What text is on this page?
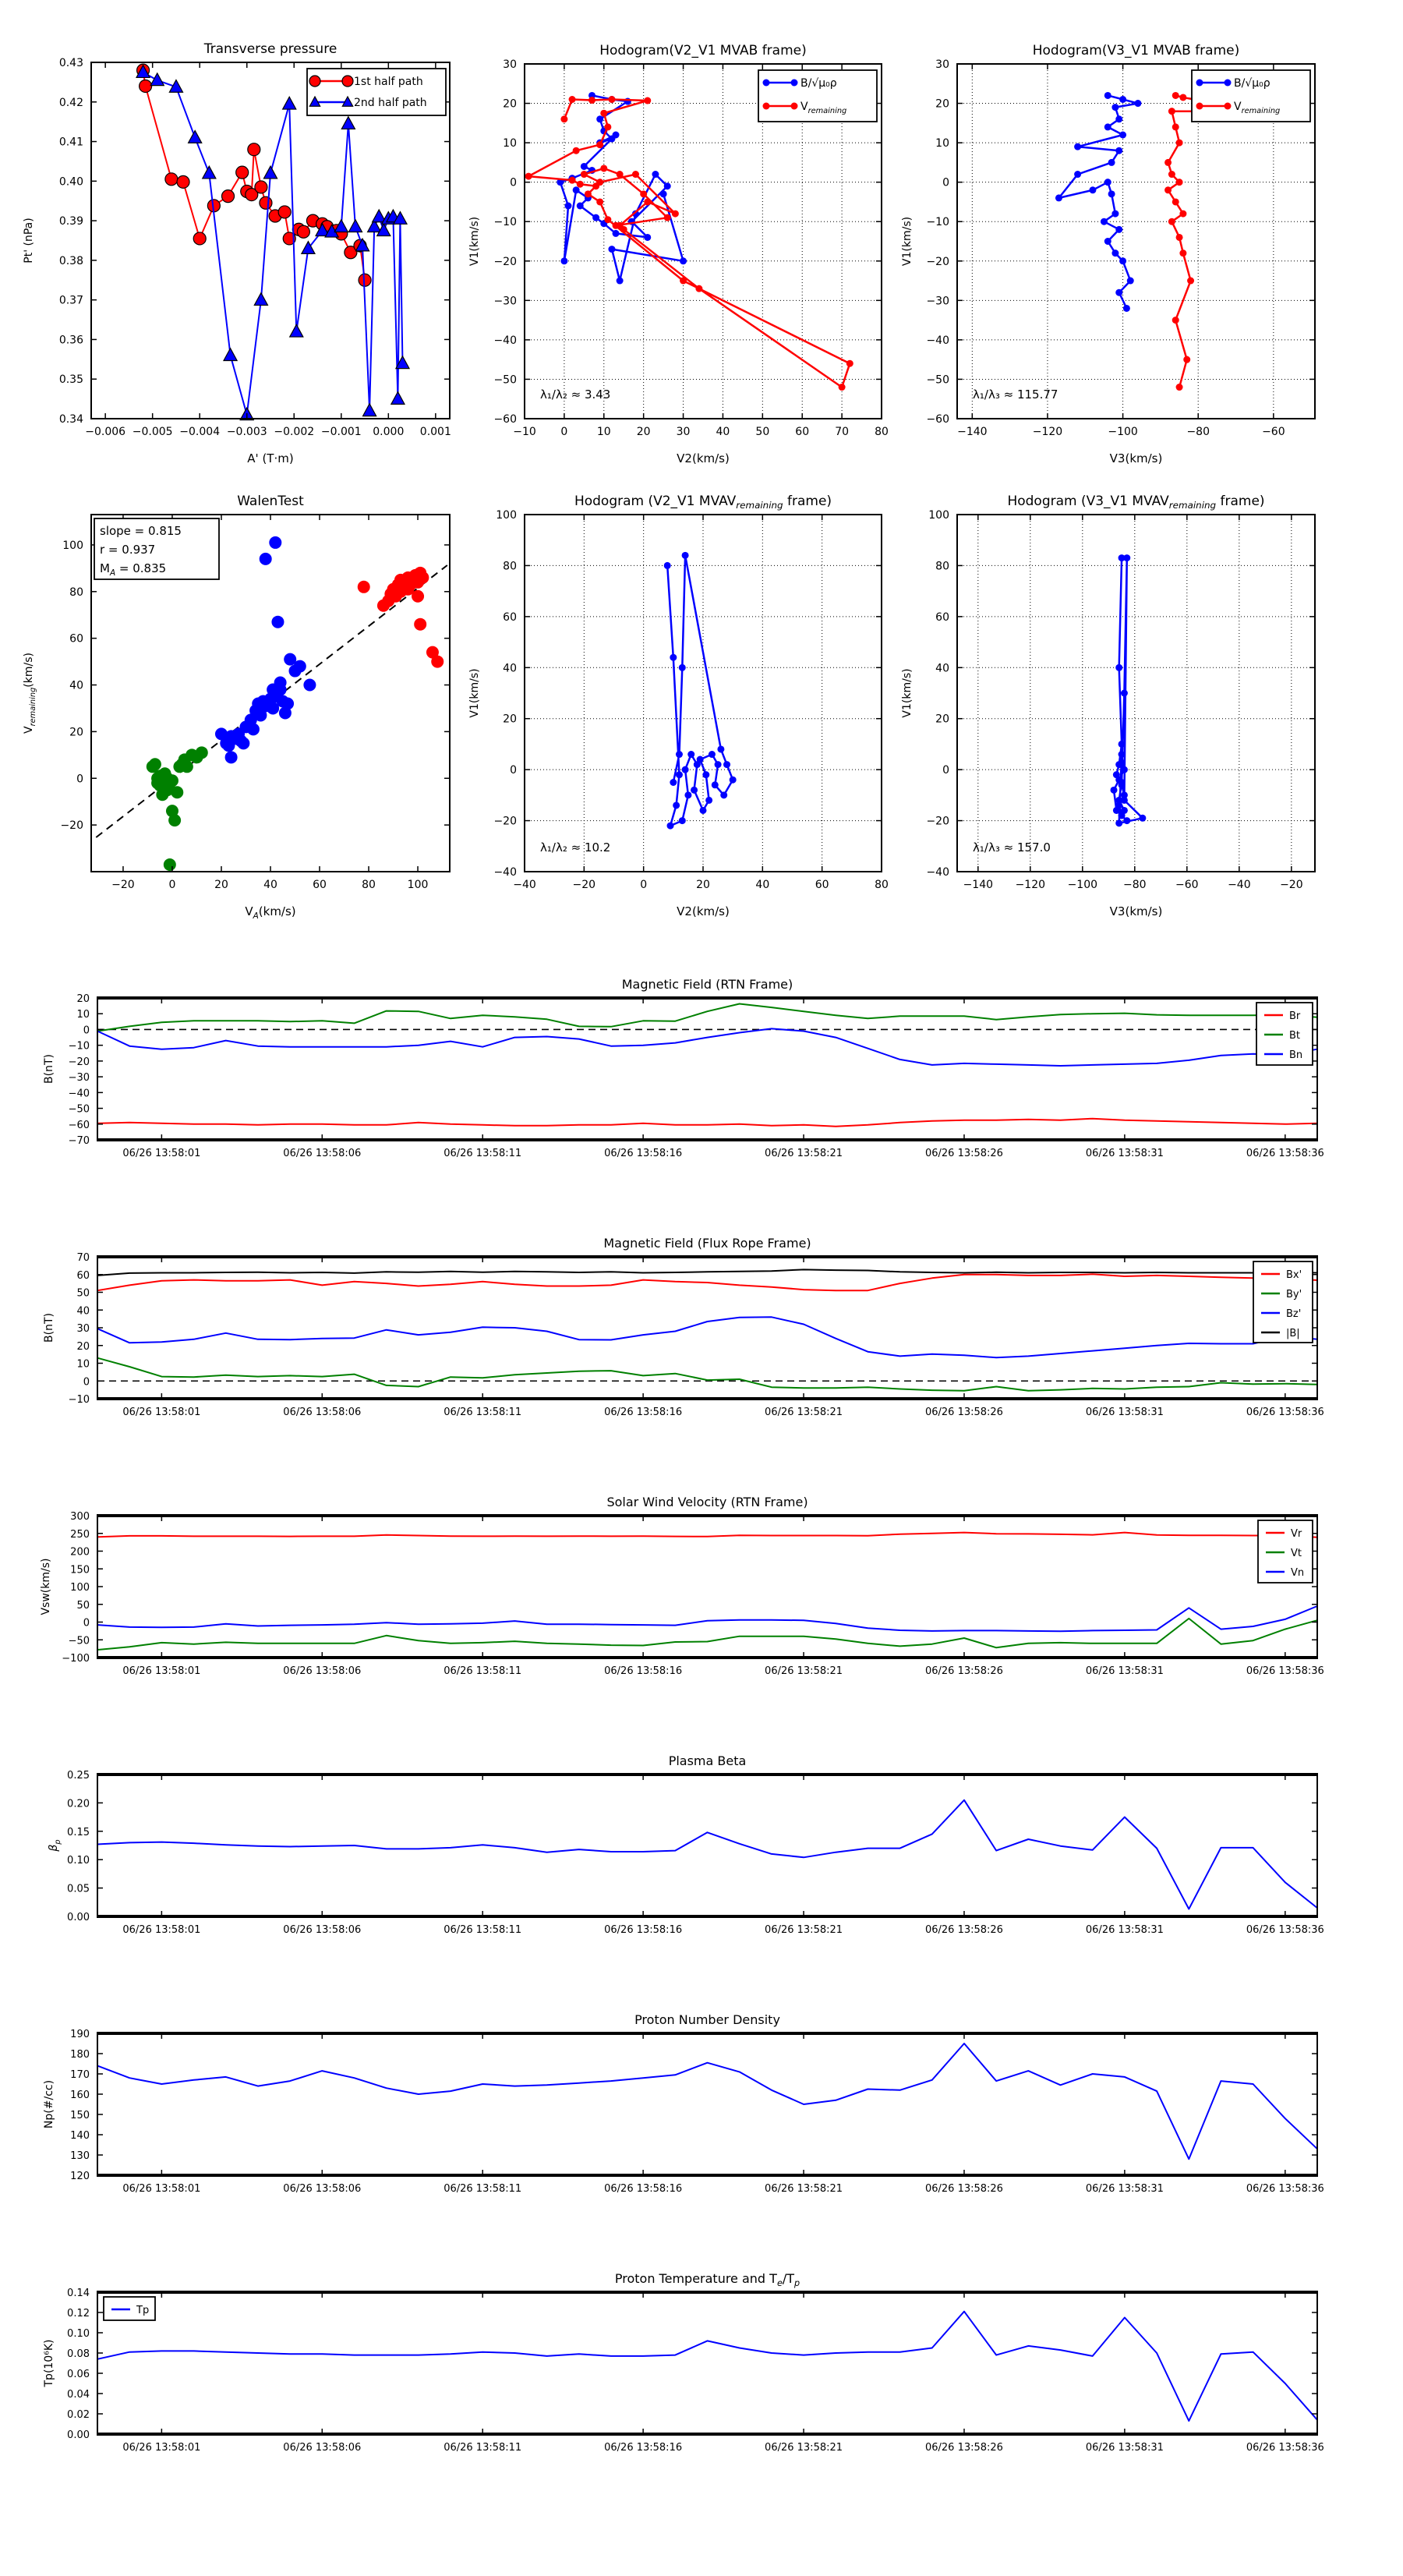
−0.006 −0.005 −0.004 −0.003 −0.002 −0.001 0.000 0.001
0.34
0.35
0.36
0.37
0.38
0.39
0.40
0.41
0.42
0.43
Transverse pressure
A' (T·m)
Pt' (nPa)
1st half path
2nd half path
−10 0	10 20 30 40 50 60 70 80
−60
−50
−40
−30
−20
−10
0
10
20
30
Hodogram(V2_V1 MVAB frame)
V2(km/s)
V1(km/s)
λ₁/λ₂ ≈ 3.43
B/√μ₀ρ
$V_{remaining}$
−140	−120	−100	−80	−60
−60
−50
−40
−30
−20
−10
0
10
20
30
Hodogram(V3_V1 MVAB frame)
V3(km/s)
V1(km/s)
λ₁/λ₃ ≈ 115.77
B/√μ₀ρ
$V_{remaining}$
−20	0	20	40	60	80	100
−20
0
20
40
60
80
100
WalenTest
$V_A(km/s)$
$V_{remaining}(km/s)$
slope = 0.815
r = 0.937
$M_A = 0.835$
−40	−20	0	20	40	60	80
−40
−20
0
20
40
60
80
100
Hodogram (V2_V1 $MVAV_{remaining}$ frame)
V2(km/s)
V1(km/s)
λ₁/λ₂ ≈ 10.2
−140 −120 −100 −80	−60	−40	−20
−40
−20
0
20
40
60
80
100
Hodogram (V3_V1 $MVAV_{remaining}$ frame)
V3(km/s)
V1(km/s)
λ₁/λ₃ ≈ 157.0
06/26 13:58:01	06/26 13:58:06	06/26 13:58:11	06/26 13:58:16	06/26 13:58:21	06/26 13:58:26	06/26 13:58:31	06/26 13:58:36
−70
−60
−50
−40
−30
−20
−10
0
10
20
Magnetic Field (RTN Frame)
B(nT)
Br
Bt
Bn
06/26 13:58:01	06/26 13:58:06	06/26 13:58:11	06/26 13:58:16	06/26 13:58:21	06/26 13:58:26	06/26 13:58:31	06/26 13:58:36
−10
0
10
20
30
40
50
60
70
Magnetic Field (Flux Rope Frame)
B(nT)
Bx'
By'
Bz'
|B|
06/26 13:58:01	06/26 13:58:06	06/26 13:58:11	06/26 13:58:16	06/26 13:58:21	06/26 13:58:26	06/26 13:58:31	06/26 13:58:36
−100
−50
0
50
100
150
200
250
300
Solar Wind Velocity (RTN Frame)
Vsw(km/s)
Vr
Vt
Vn
06/26 13:58:01	06/26 13:58:06	06/26 13:58:11	06/26 13:58:16	06/26 13:58:21	06/26 13:58:26	06/26 13:58:31	06/26 13:58:36
0.00
0.05
0.10
0.15
0.20
0.25
Plasma Beta
$\beta_p$
06/26 13:58:01	06/26 13:58:06	06/26 13:58:11	06/26 13:58:16	06/26 13:58:21	06/26 13:58:26	06/26 13:58:31	06/26 13:58:36
120
130
140
150
160
170
180
190
Proton Number Density
Np(#/cc)
06/26 13:58:01	06/26 13:58:06	06/26 13:58:11	06/26 13:58:16	06/26 13:58:21	06/26 13:58:26	06/26 13:58:31	06/26 13:58:36
0.00
0.02
0.04
0.06
0.08
0.10
0.12
0.14
Proton Temperature and $T_e/T_p$
Tp(10⁶K)
Tp
